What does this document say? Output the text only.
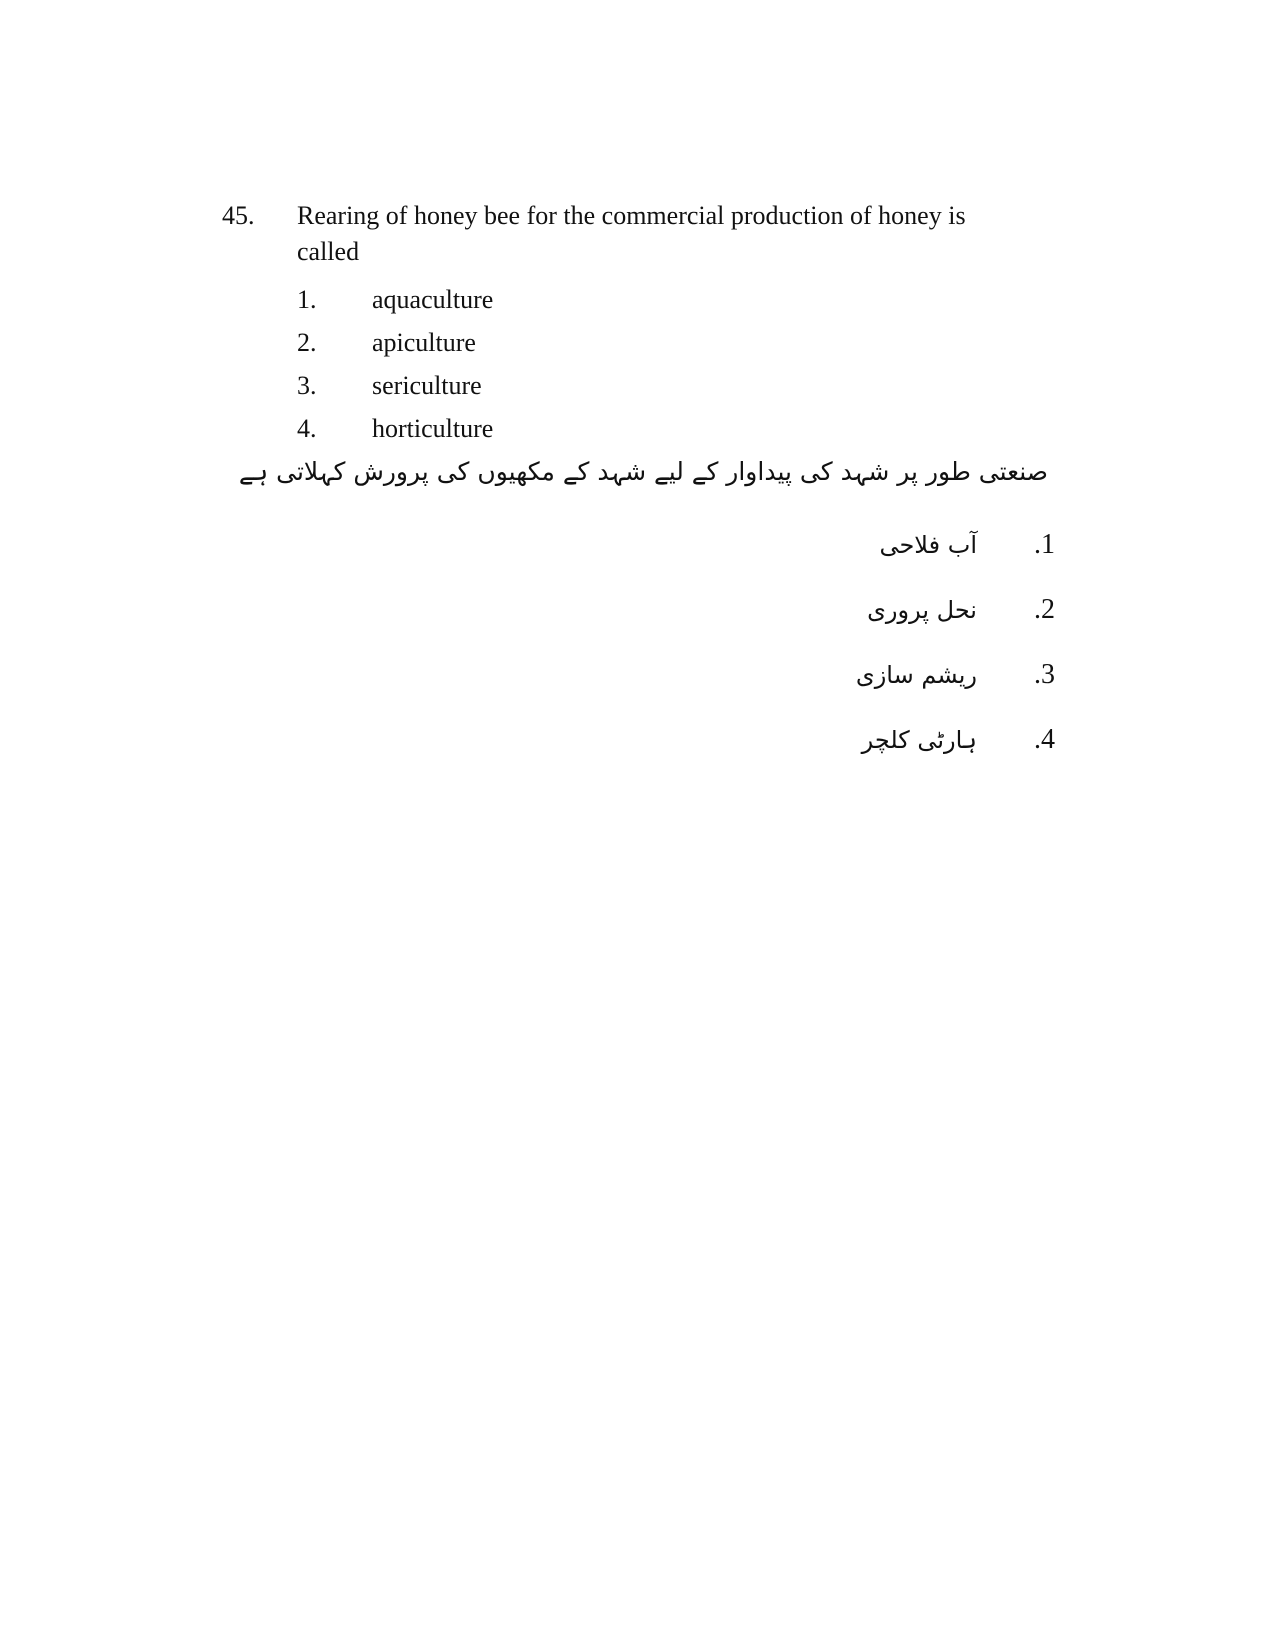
45. Rearing of honey bee for the commercial production of honey is called
1. aquaculture
2. apiculture
3. sericulture
4. horticulture
صنعتی طور پر شہد کی پیداوار کے لیے شہد کے مکھیوں کی پرورش کہلاتی ہے
.1
آب فلاحی
.2
نحل پروری
.3
ریشم سازی
.4
ہارٹی کلچر
